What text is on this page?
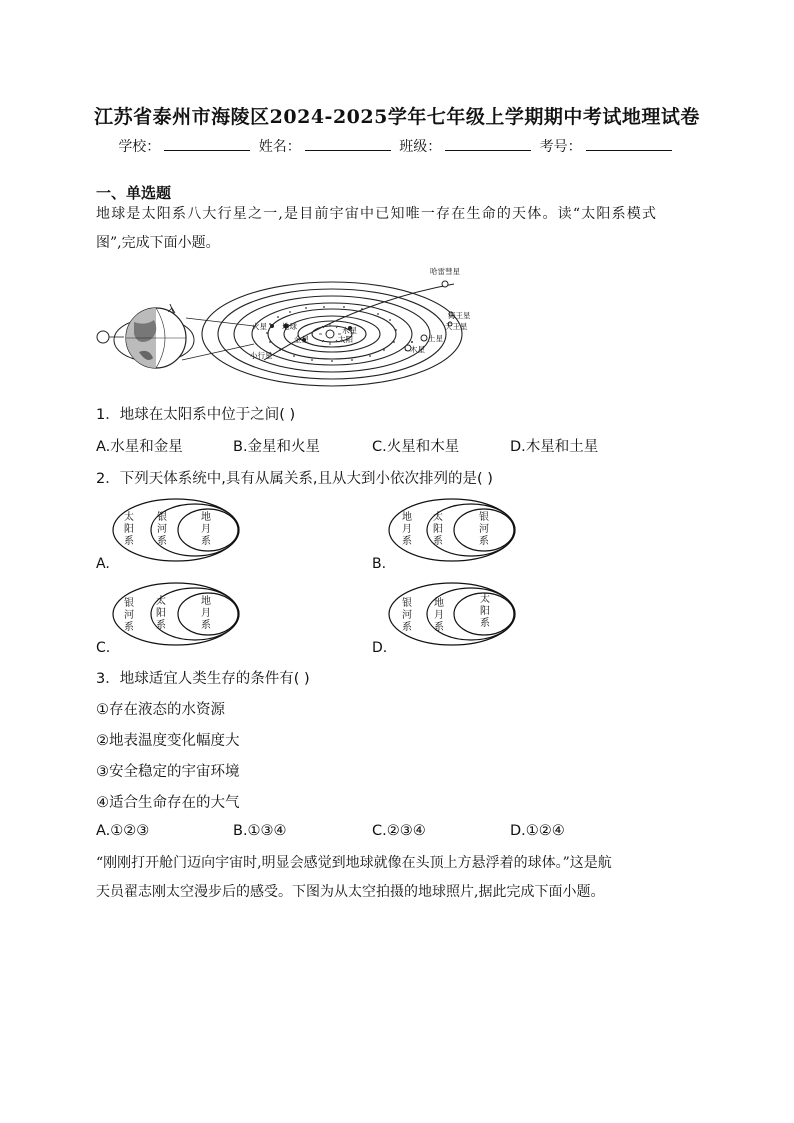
江苏省泰州市海陵区2024-2025学年七年级上学期期中考试地理试卷
学校：	姓名：	班级：	考号：
一、单选题
地球是太阳系八大行星之一,是目前宇宙中已知唯一存在生命的天体。读“太阳系模式
图”,完成下面小题。
哈雷彗星
海王星
天王星
土星
木星
水星
太阳
金星
地球
火星
小行星
1．地球在太阳系中位于之间( )
A.水星和金星	B.金星和火星	C.火星和木星	D.木星和土星
2．下列天体系统中,具有从属关系,且从大到小依次排列的是( )
太
阳
系
银
河
系
地
月
系
A.
地
月
系
太
阳
系
银
河
系
B.
银
河
系
太
阳
系
地
月
系
C.
银
河
系
地
月
系
太
阳
系
D.
3．地球适宜人类生存的条件有( )
①存在液态的水资源
②地表温度变化幅度大
③安全稳定的宇宙环境
④适合生命存在的大气
A.①②③	B.①③④	C.②③④	D.①②④
“刚刚打开舱门迈向宇宙时,明显会感觉到地球就像在头顶上方悬浮着的球体。”这是航
天员翟志刚太空漫步后的感受。下图为从太空拍摄的地球照片,据此完成下面小题。
